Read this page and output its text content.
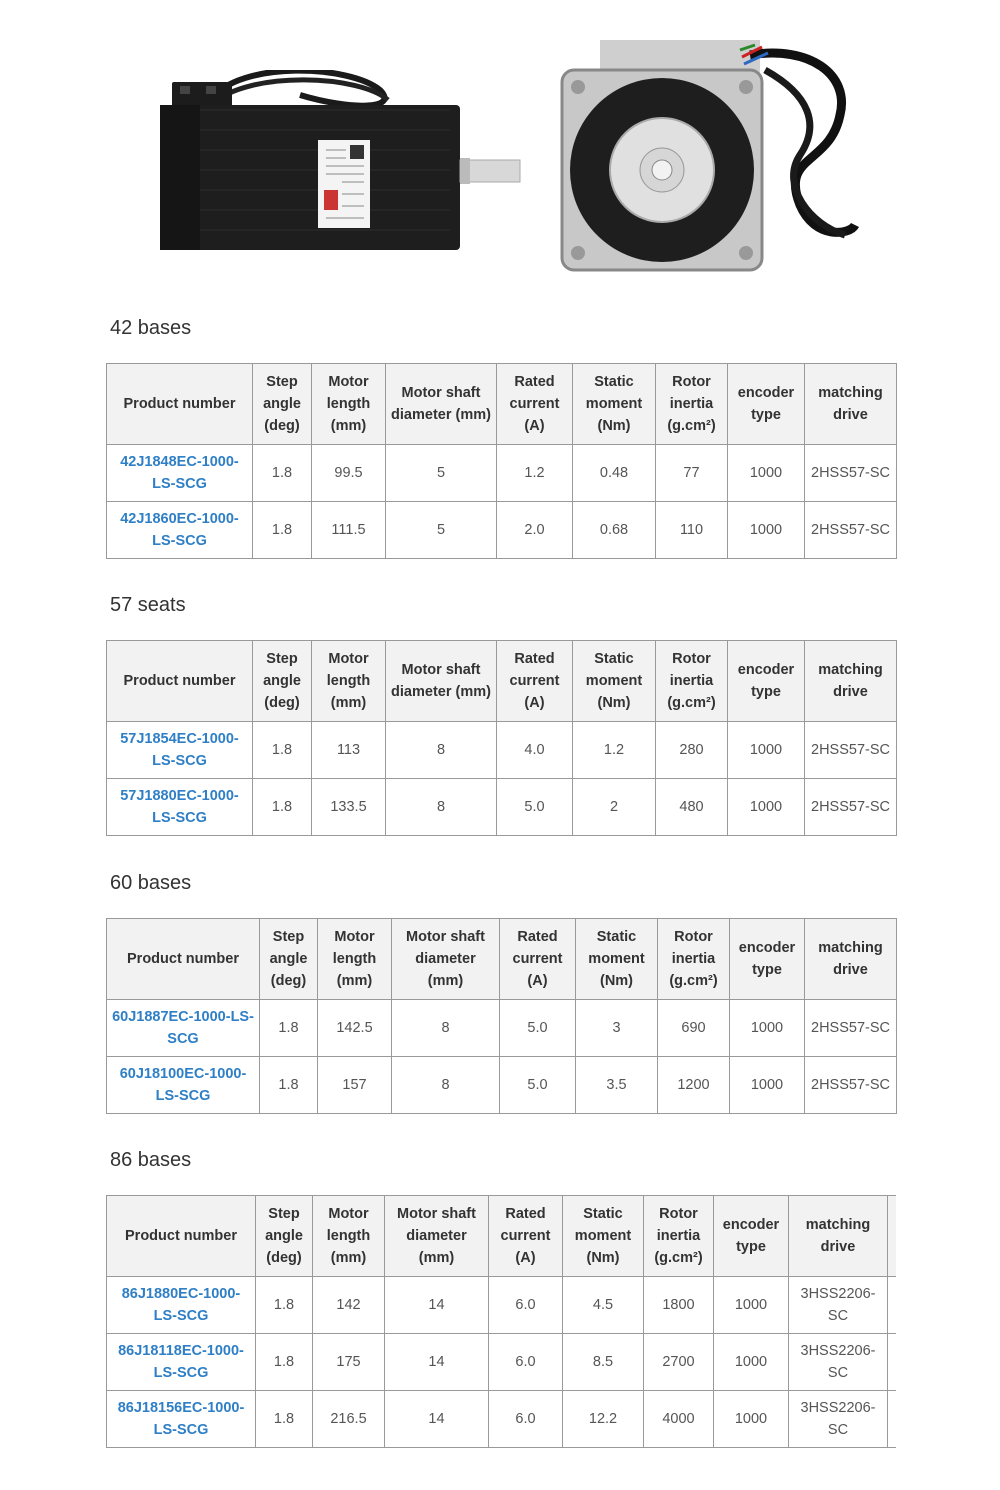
42 bases
Product number	Step angle (deg)	Motor length (mm)	Motor shaft diameter (mm)	Rated current (A)	Static moment (Nm)	Rotor inertia (g.cm²)	encoder type	matching drive
42J1848EC-1000-LS-SCG	1.8	99.5	5	1.2	0.48	77	1000	2HSS57-SC
42J1860EC-1000-LS-SCG	1.8	111.5	5	2.0	0.68	110	1000	2HSS57-SC
57 seats
Product number	Step angle (deg)	Motor length (mm)	Motor shaft diameter (mm)	Rated current (A)	Static moment (Nm)	Rotor inertia (g.cm²)	encoder type	matching drive
57J1854EC-1000-LS-SCG	1.8	113	8	4.0	1.2	280	1000	2HSS57-SC
57J1880EC-1000-LS-SCG	1.8	133.5	8	5.0	2	480	1000	2HSS57-SC
60 bases
Product number	Step angle (deg)	Motor length (mm)	Motor shaft diameter (mm)	Rated current (A)	Static moment (Nm)	Rotor inertia (g.cm²)	encoder type	matching drive
60J1887EC-1000-LS-SCG	1.8	142.5	8	5.0	3	690	1000	2HSS57-SC
60J18100EC-1000-LS-SCG	1.8	157	8	5.0	3.5	1200	1000	2HSS57-SC
86 bases
Product number	Step angle (deg)	Motor length (mm)	Motor shaft diameter (mm)	Rated current (A)	Static moment (Nm)	Rotor inertia (g.cm²)	encoder type	matching drive	
86J1880EC-1000-LS-SCG	1.8	142	14	6.0	4.5	1800	1000	3HSS2206-SC	
86J18118EC-1000-LS-SCG	1.8	175	14	6.0	8.5	2700	1000	3HSS2206-SC	
86J18156EC-1000-LS-SCG	1.8	216.5	14	6.0	12.2	4000	1000	3HSS2206-SC	
